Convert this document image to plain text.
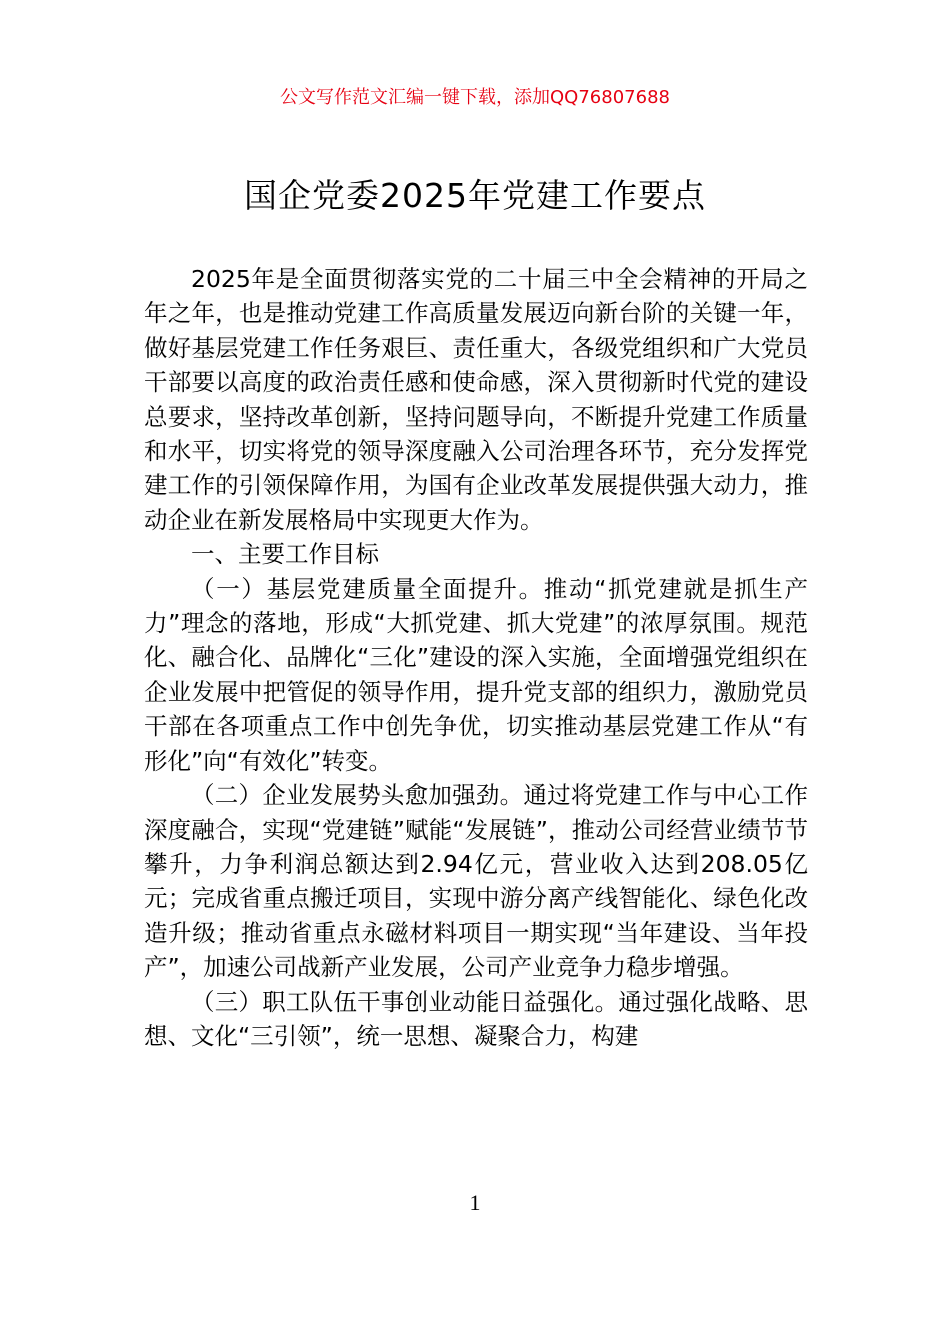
公文写作范文汇编一键下载，添加QQ76807688
国企党委2025年党建工作要点

2025年是全面贯彻落实党的二十届三中全会精神的开局之年之年，也是推动党建工作高质量发展迈向新台阶的关键一年，做好基层党建工作任务艰巨、责任重大，各级党组织和广大党员干部要以高度的政治责任感和使命感，深入贯彻新时代党的建设总要求，坚持改革创新，坚持问题导向，不断提升党建工作质量和水平，切实将党的领导深度融入公司治理各环节，充分发挥党建工作的引领保障作用，为国有企业改革发展提供强大动力，推动企业在新发展格局中实现更大作为。

一、主要工作目标

（一）基层党建质量全面提升。推动“抓党建就是抓生产力”理念的落地，形成“大抓党建、抓大党建”的浓厚氛围。规范化、融合化、品牌化“三化”建设的深入实施，全面增强党组织在企业发展中把管促的领导作用，提升党支部的组织力，激励党员干部在各项重点工作中创先争优，切实推动基层党建工作从“有形化”向“有效化”转变。

（二）企业发展势头愈加强劲。通过将党建工作与中心工作深度融合，实现“党建链”赋能“发展链”，推动公司经营业绩节节攀升，力争利润总额达到2.94亿元，营业收入达到208.05亿元；完成省重点搬迁项目，实现中游分离产线智能化、绿色化改造升级；推动省重点永磁材料项目一期实现“当年建设、当年投产”，加速公司战新产业发展，公司产业竞争力稳步增强。

（三）职工队伍干事创业动能日益强化。通过强化战略、思想、文化“三引领”，统一思想、凝聚合力，构建

1
